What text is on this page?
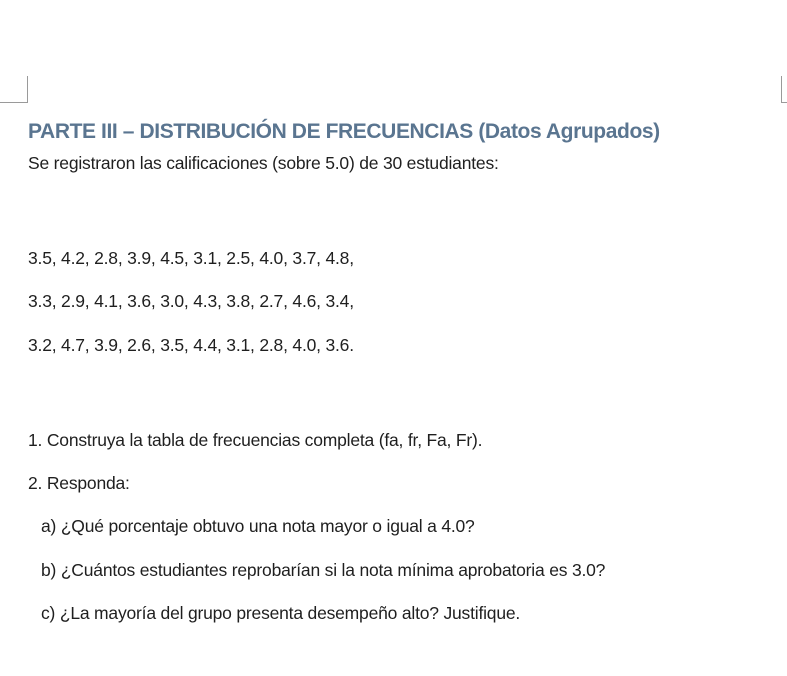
PARTE III – DISTRIBUCIÓN DE FRECUENCIAS (Datos Agrupados)
Se registraron las calificaciones (sobre 5.0) de 30 estudiantes:
3.5, 4.2, 2.8, 3.9, 4.5, 3.1, 2.5, 4.0, 3.7, 4.8,
3.3, 2.9, 4.1, 3.6, 3.0, 4.3, 3.8, 2.7, 4.6, 3.4,
3.2, 4.7, 3.9, 2.6, 3.5, 4.4, 3.1, 2.8, 4.0, 3.6.
1. Construya la tabla de frecuencias completa (fa, fr, Fa, Fr).
2. Responda:
a) ¿Qué porcentaje obtuvo una nota mayor o igual a 4.0?
b) ¿Cuántos estudiantes reprobarían si la nota mínima aprobatoria es 3.0?
c) ¿La mayoría del grupo presenta desempeño alto? Justifique.
